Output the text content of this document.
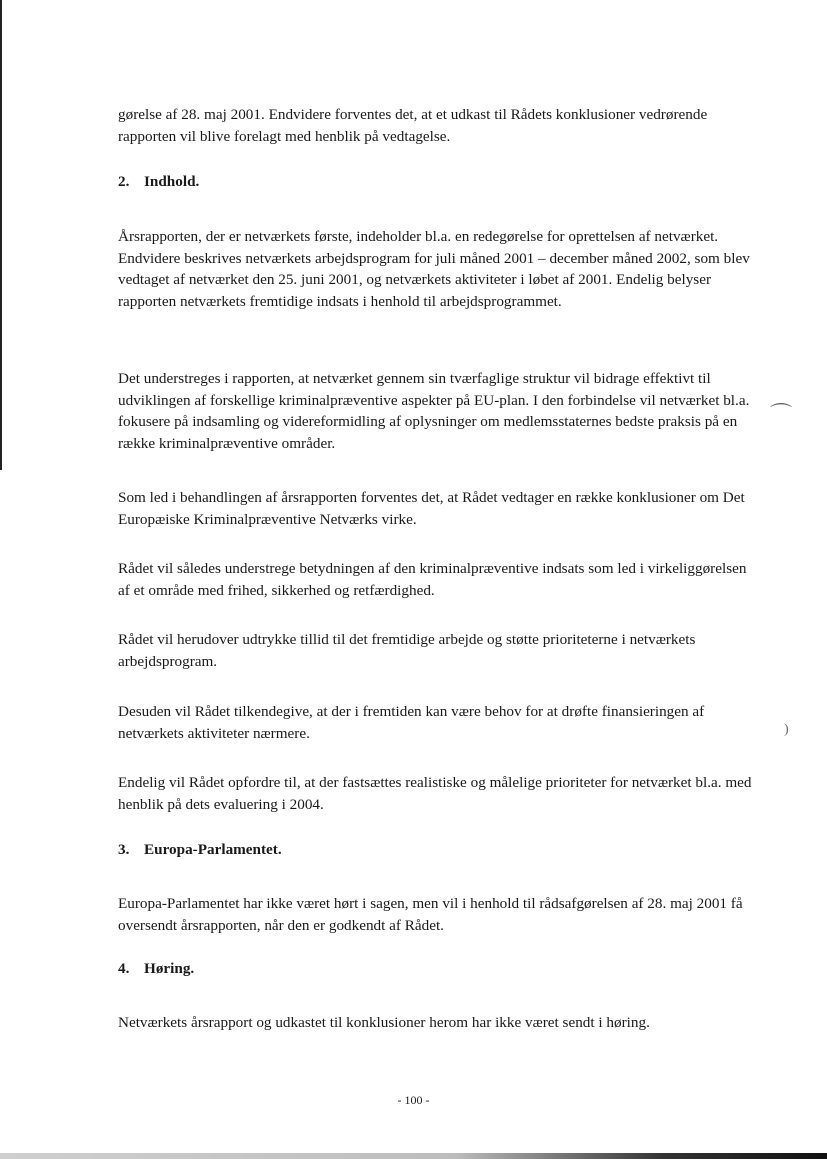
gørelse af 28. maj 2001. Endvidere forventes det, at et udkast til Rådets konklusioner vedrørende rapporten vil blive forelagt med henblik på vedtagelse.

2. Indhold.

Årsrapporten, der er netværkets første, indeholder bl.a. en redegørelse for oprettelsen af netværket. Endvidere beskrives netværkets arbejdsprogram for juli måned 2001 – december måned 2002, som blev vedtaget af netværket den 25. juni 2001, og netværkets aktiviteter i løbet af 2001. Endelig belyser rapporten netværkets fremtidige indsats i henhold til arbejdsprogrammet.

Det understreges i rapporten, at netværket gennem sin tværfaglige struktur vil bidrage effektivt til udviklingen af forskellige kriminalpræventive aspekter på EU-plan. I den forbindelse vil netværket bl.a. fokusere på indsamling og videreformidling af oplysninger om medlemsstaternes bedste praksis på en række kriminalpræventive områder.

Som led i behandlingen af årsrapporten forventes det, at Rådet vedtager en række konklusioner om Det Europæiske Kriminalpræventive Netværks virke.

Rådet vil således understrege betydningen af den kriminalpræventive indsats som led i virkeliggørelsen af et område med frihed, sikkerhed og retfærdighed.

Rådet vil herudover udtrykke tillid til det fremtidige arbejde og støtte prioriteterne i netværkets arbejdsprogram.

Desuden vil Rådet tilkendegive, at der i fremtiden kan være behov for at drøfte finansieringen af netværkets aktiviteter nærmere.

Endelig vil Rådet opfordre til, at der fastsættes realistiske og målelige prioriteter for netværket bl.a. med henblik på dets evaluering i 2004.

3. Europa-Parlamentet.

Europa-Parlamentet har ikke været hørt i sagen, men vil i henhold til rådsafgørelsen af 28. maj 2001 få oversendt årsrapporten, når den er godkendt af Rådet.

4. Høring.

Netværkets årsrapport og udkastet til konklusioner herom har ikke været sendt i høring.

- 100 -
⌒
)
